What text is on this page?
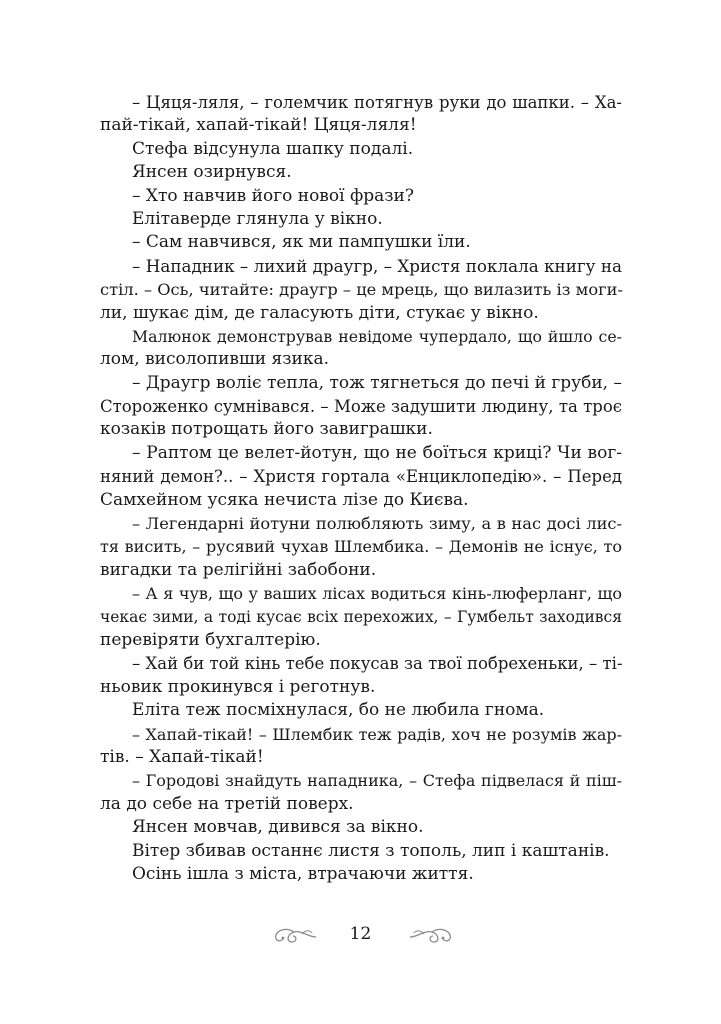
– Цяця-ляля, – големчик потягнув руки до шапки. – Ха-
пай-тікай, хапай-тікай! Цяця-ляля!
Стефа відсунула шапку подалі.
Янсен озирнувся.
– Хто навчив його нової фрази?
Елітаверде глянула у вікно.
– Сам навчився, як ми пампушки їли.
– Нападник – лихий драугр, – Христя поклала книгу на
стіл. – Ось, читайте: драугр – це мрець, що вилазить із моги-
ли, шукає дім, де галасують діти, стукає у вікно.
Малюнок демонстрував невідоме чупердало, що йшло се-
лом, висолопивши язика.
– Драугр воліє тепла, тож тягнеться до печі й груби, –
Стороженко сумнівався. – Може задушити людину, та троє
козаків потрощать його завиграшки.
– Раптом це велет-йотун, що не боїться криці? Чи вог-
няний демон?.. – Христя гортала «Енциклопедію». – Перед
Самхейном усяка нечиста лізе до Києва.
– Легендарні йотуни полюбляють зиму, а в нас досі лис-
тя висить, – русявий чухав Шлембика. – Демонів не існує, то
вигадки та релігійні забобони.
– А я чув, що у ваших лісах водиться кінь-люферланг, що
чекає зими, а тоді кусає всіх перехожих, – Гумбельт заходився
перевіряти бухгалтерію.
– Хай би той кінь тебе покусав за твої побрехеньки, – ті-
ньовик прокинувся і реготнув.
Еліта теж посміхнулася, бо не любила гнома.
– Хапай-тікай! – Шлембик теж радів, хоч не розумів жар-
тів. – Хапай-тікай!
– Городові знайдуть нападника, – Стефа підвелася й піш-
ла до себе на третій поверх.
Янсен мовчав, дивився за вікно.
Вітер збивав останнє листя з тополь, лип і каштанів.
Осінь ішла з міста, втрачаючи життя.
12
